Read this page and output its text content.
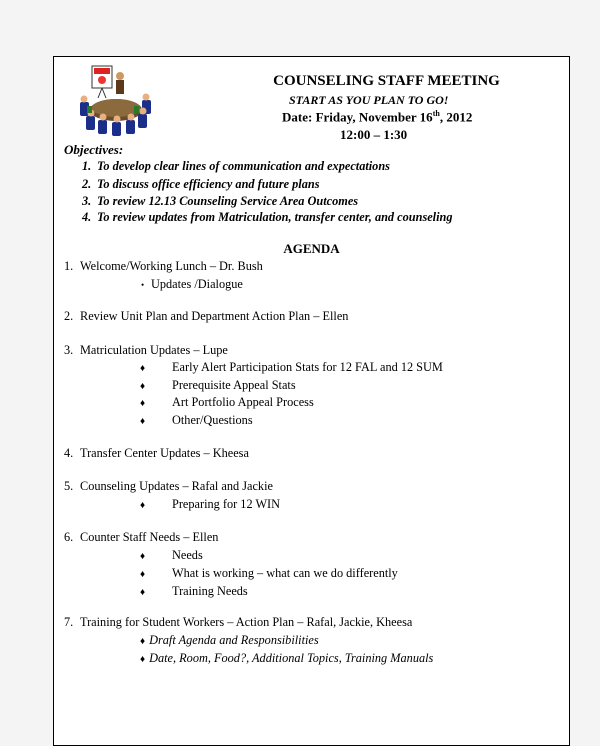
COUNSELING STAFF MEETING
START AS YOU PLAN TO GO!
Date: Friday, November 16th, 2012
12:00 – 1:30
Objectives:
1. To develop clear lines of communication and expectations
2. To discuss office efficiency and future plans
3. To review 12.13 Counseling Service Area Outcomes
4. To review updates from Matriculation, transfer center, and counseling
AGENDA
1. Welcome/Working Lunch – Dr. Bush
• Updates /Dialogue
2. Review Unit Plan and Department Action Plan – Ellen
3. Matriculation Updates – Lupe
♦ Early Alert Participation Stats for 12 FAL and 12 SUM
♦ Prerequisite Appeal Stats
♦ Art Portfolio Appeal Process
♦ Other/Questions
4. Transfer Center Updates – Kheesa
5. Counseling Updates – Rafal and Jackie
♦ Preparing for 12 WIN
6. Counter Staff Needs – Ellen
♦ Needs
♦ What is working – what can we do differently
♦ Training Needs
7. Training for Student Workers – Action Plan – Rafal, Jackie, Kheesa
♦ Draft Agenda and Responsibilities
♦ Date, Room, Food?, Additional Topics, Training Manuals
